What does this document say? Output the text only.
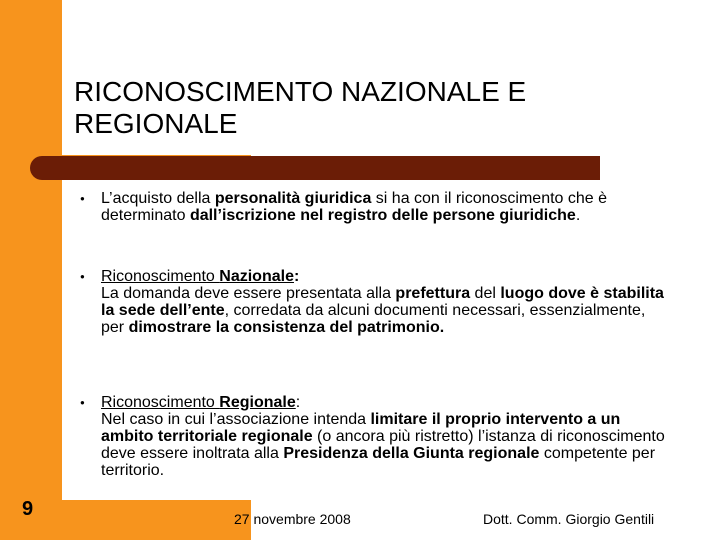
RICONOSCIMENTO NAZIONALE E REGIONALE
● L’acquisto della personalità giuridica si ha con il riconoscimento che è determinato dall’iscrizione nel registro delle persone giuridiche.
● Riconoscimento Nazionale:
La domanda deve essere presentata alla prefettura del luogo dove è stabilita la sede dell’ente, corredata da alcuni documenti necessari, essenzialmente, per dimostrare la consistenza del patrimonio.
● Riconoscimento Regionale:
Nel caso in cui l’associazione intenda limitare il proprio intervento a un ambito territoriale regionale (o ancora più ristretto) l’istanza di riconoscimento deve essere inoltrata alla Presidenza della Giunta regionale competente per territorio.
9	27 novembre 2008	Dott. Comm. Giorgio Gentili
